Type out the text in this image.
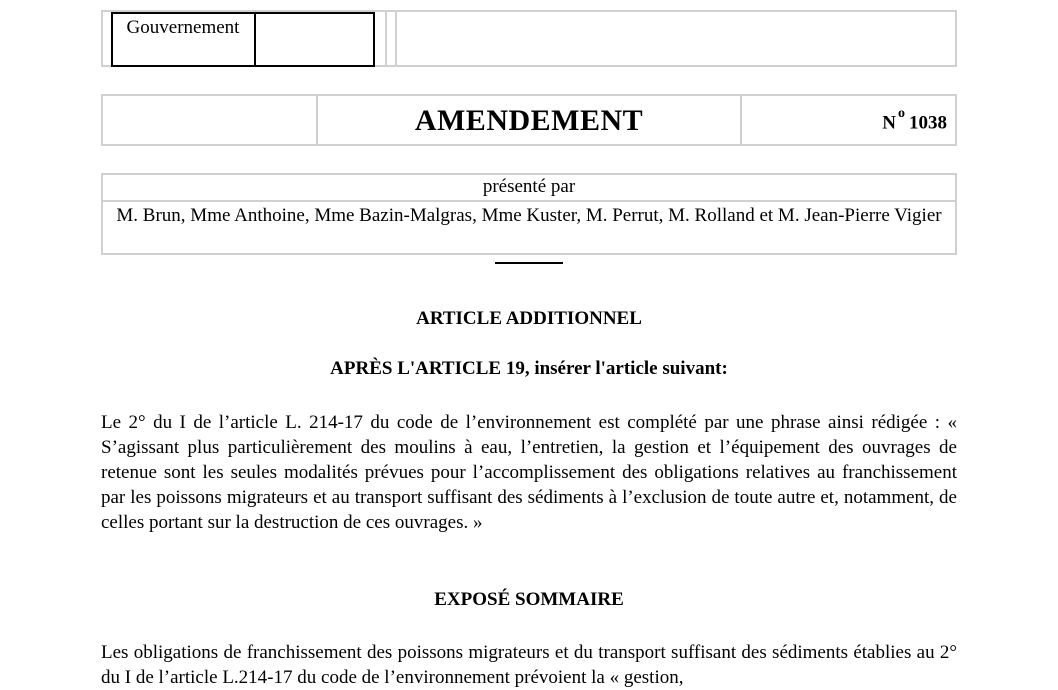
Gouvernement
AMENDEMENT	N $^o$ 1038
présenté par
M. Brun, Mme Anthoine, Mme Bazin-Malgras, Mme Kuster, M. Perrut, M. Rolland et M. Jean-Pierre Vigier
ARTICLE ADDITIONNEL
APRÈS L'ARTICLE 19, insérer l'article suivant:
Le 2° du I de l’article L. 214-17 du code de l’environnement est complété par une phrase ainsi rédigée : « S’agissant plus particulièrement des moulins à eau, l’entretien, la gestion et l’équipement des ouvrages de retenue sont les seules modalités prévues pour l’accomplissement des obligations relatives au franchissement par les poissons migrateurs et au transport suffisant des sédiments à l’exclusion de toute autre et, notamment, de celles portant sur la destruction de ces ouvrages. »
EXPOSÉ SOMMAIRE
Les obligations de franchissement des poissons migrateurs et du transport suffisant des sédiments établies au 2° du I de l’article L.214-17 du code de l’environnement prévoient la « gestion,
